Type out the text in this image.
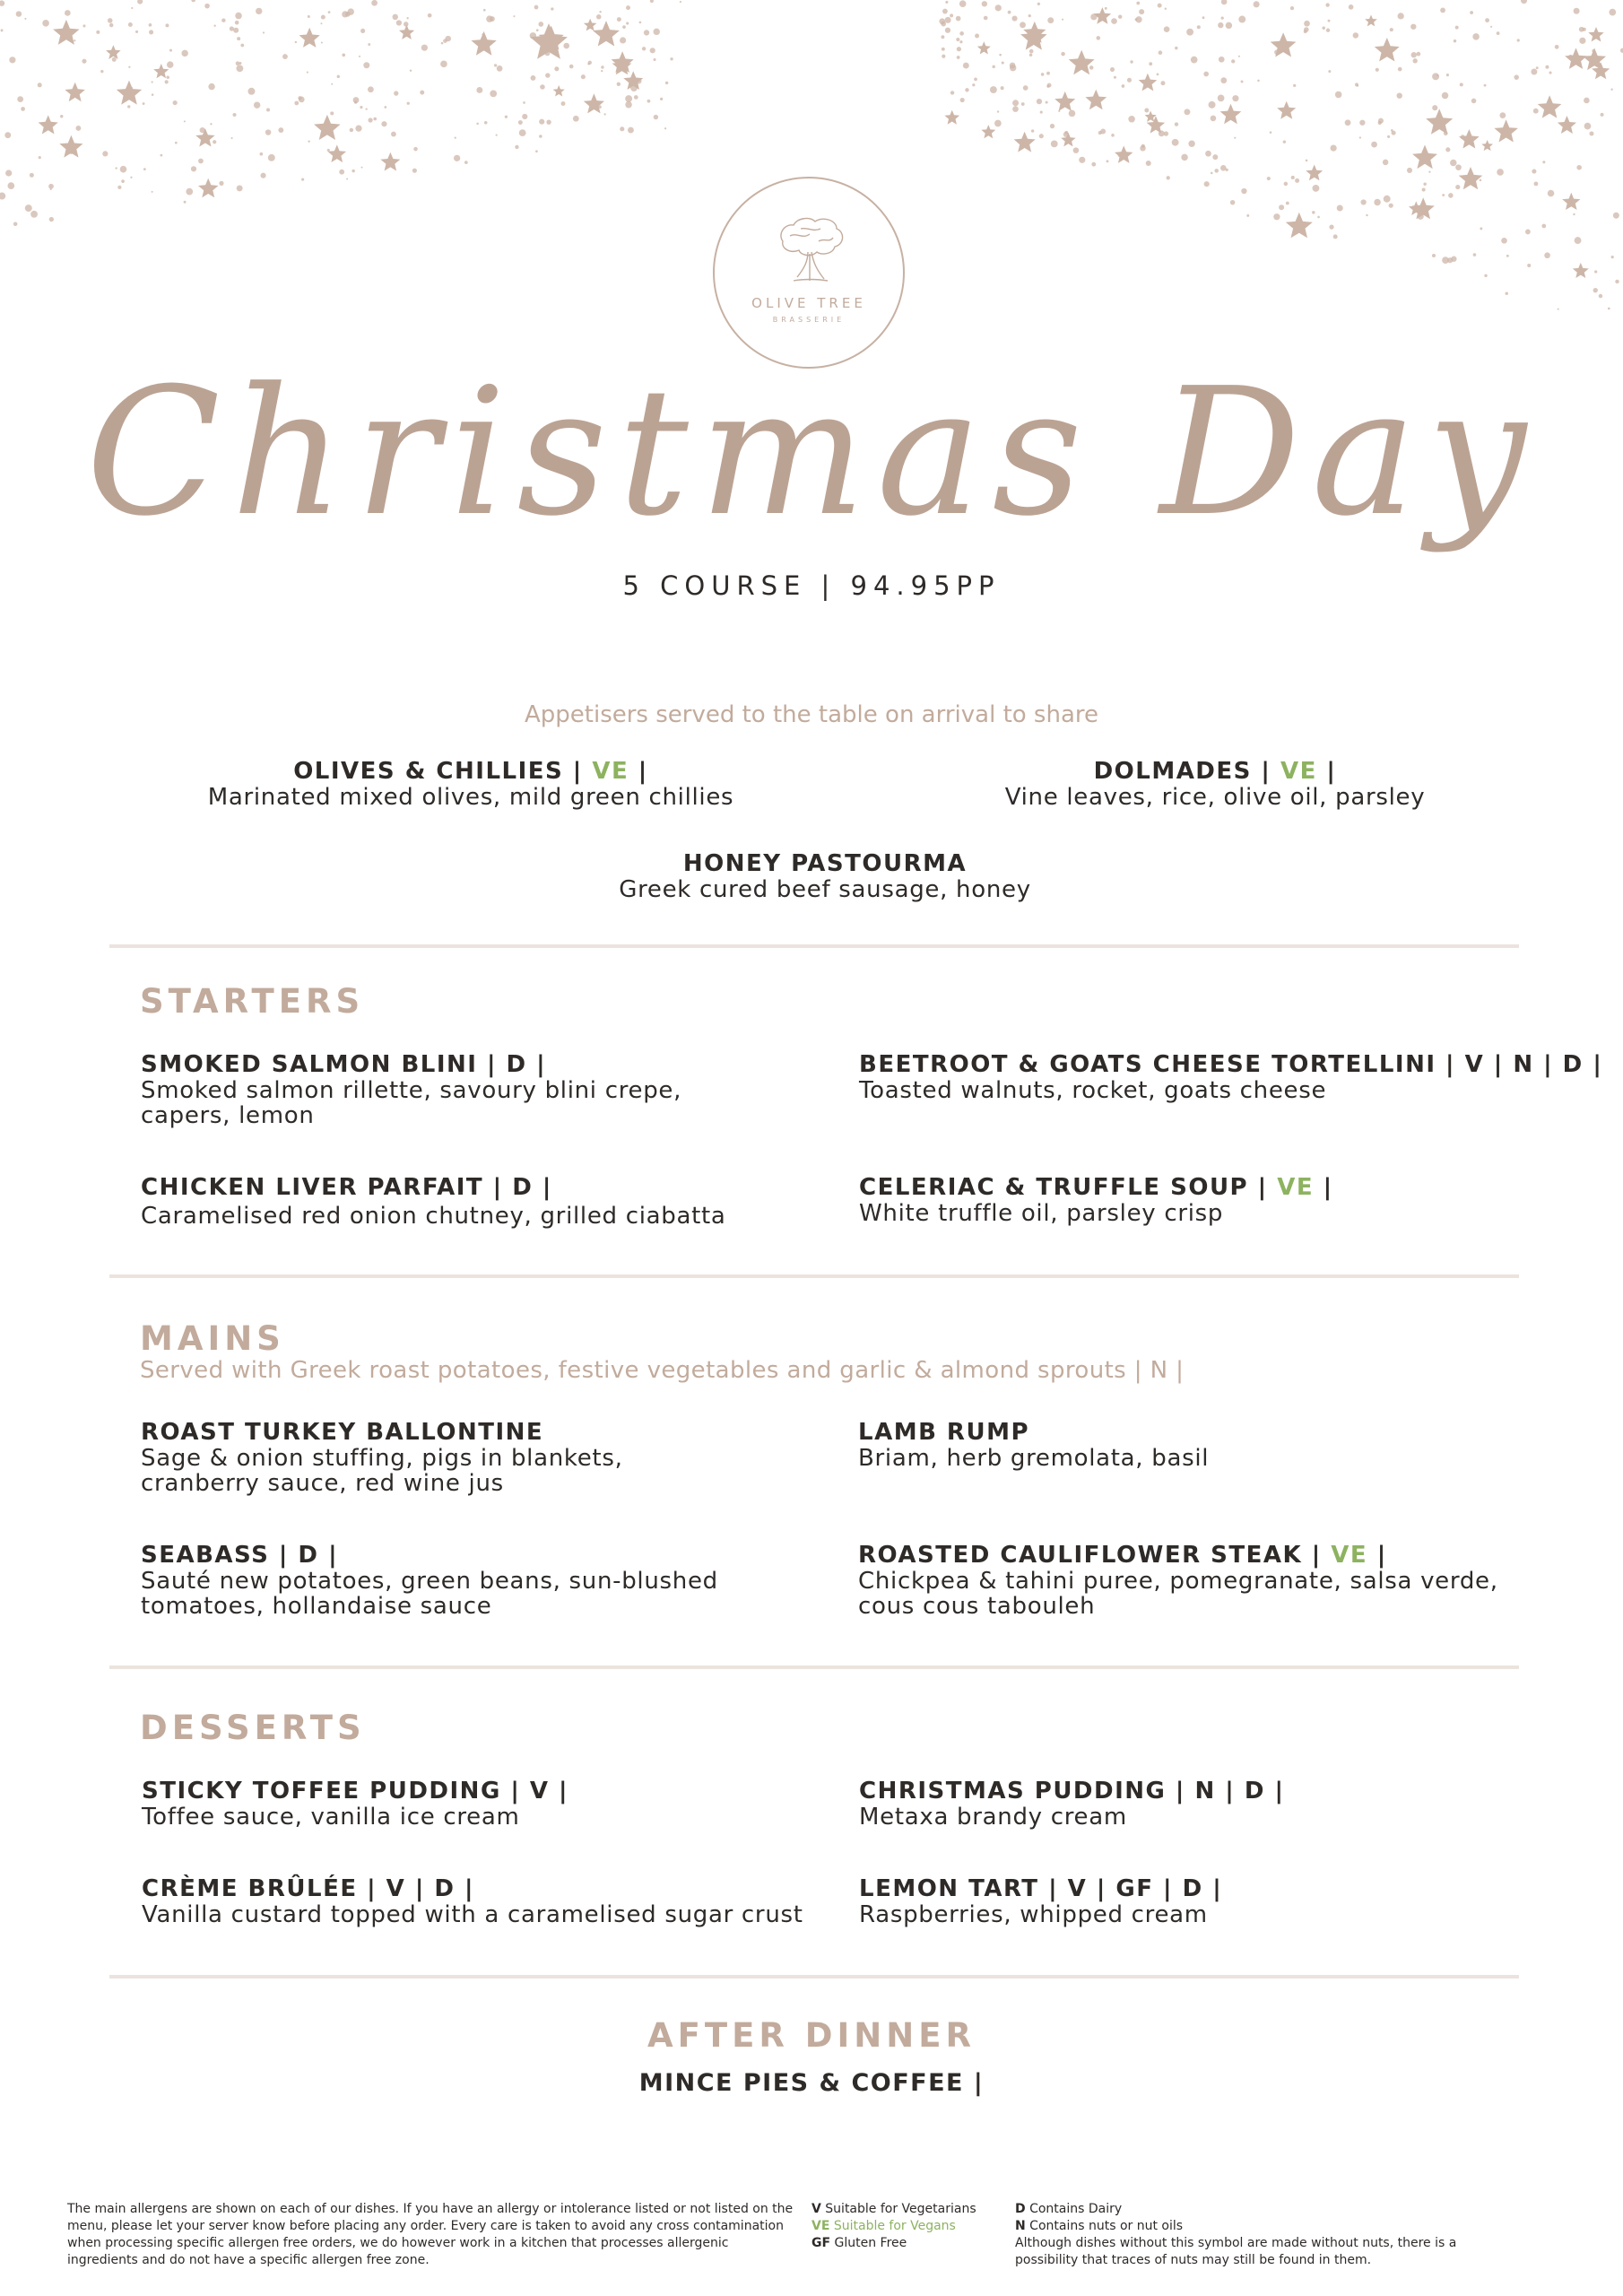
OLIVE TREE
BRASSERIE
Christmas Day
5 COURSE | 94.95PP
Appetisers served to the table on arrival to share
OLIVES & CHILLIES | VE |
Marinated mixed olives, mild green chillies
DOLMADES | VE |
Vine leaves, rice, olive oil, parsley
HONEY PASTOURMA
Greek cured beef sausage, honey
STARTERS
SMOKED SALMON BLINI | D |
Smoked salmon rillette, savoury blini crepe,
capers, lemon
BEETROOT & GOATS CHEESE TORTELLINI | V | N | D |
Toasted walnuts, rocket, goats cheese
CHICKEN LIVER PARFAIT | D |
Caramelised red onion chutney, grilled ciabatta
CELERIAC & TRUFFLE SOUP | VE |
White truffle oil, parsley crisp
MAINS
Served with Greek roast potatoes, festive vegetables and garlic & almond sprouts | N |
ROAST TURKEY BALLONTINE
Sage & onion stuffing, pigs in blankets,
cranberry sauce, red wine jus
LAMB RUMP
Briam, herb gremolata, basil
SEABASS | D |
Sauté new potatoes, green beans, sun-blushed
tomatoes, hollandaise sauce
ROASTED CAULIFLOWER STEAK | VE |
Chickpea & tahini puree, pomegranate, salsa verde,
cous cous tabouleh
DESSERTS
STICKY TOFFEE PUDDING | V |
Toffee sauce, vanilla ice cream
CHRISTMAS PUDDING | N | D |
Metaxa brandy cream
CRÈME BRÛLÉE | V | D |
Vanilla custard topped with a caramelised sugar crust
LEMON TART | V | GF | D |
Raspberries, whipped cream
AFTER DINNER
MINCE PIES & COFFEE |
The main allergens are shown on each of our dishes. If you have an allergy or intolerance listed or not listed on the menu, please let your server know before placing any order. Every care is taken to avoid any cross contamination when processing specific allergen free orders, we do however work in a kitchen that processes allergenic ingredients and do not have a specific allergen free zone.
V Suitable for Vegetarians
VE Suitable for Vegans
GF Gluten Free
D Contains Dairy
N Contains nuts or nut oils
Although dishes without this symbol are made without nuts, there is a possibility that traces of nuts may still be found in them.
